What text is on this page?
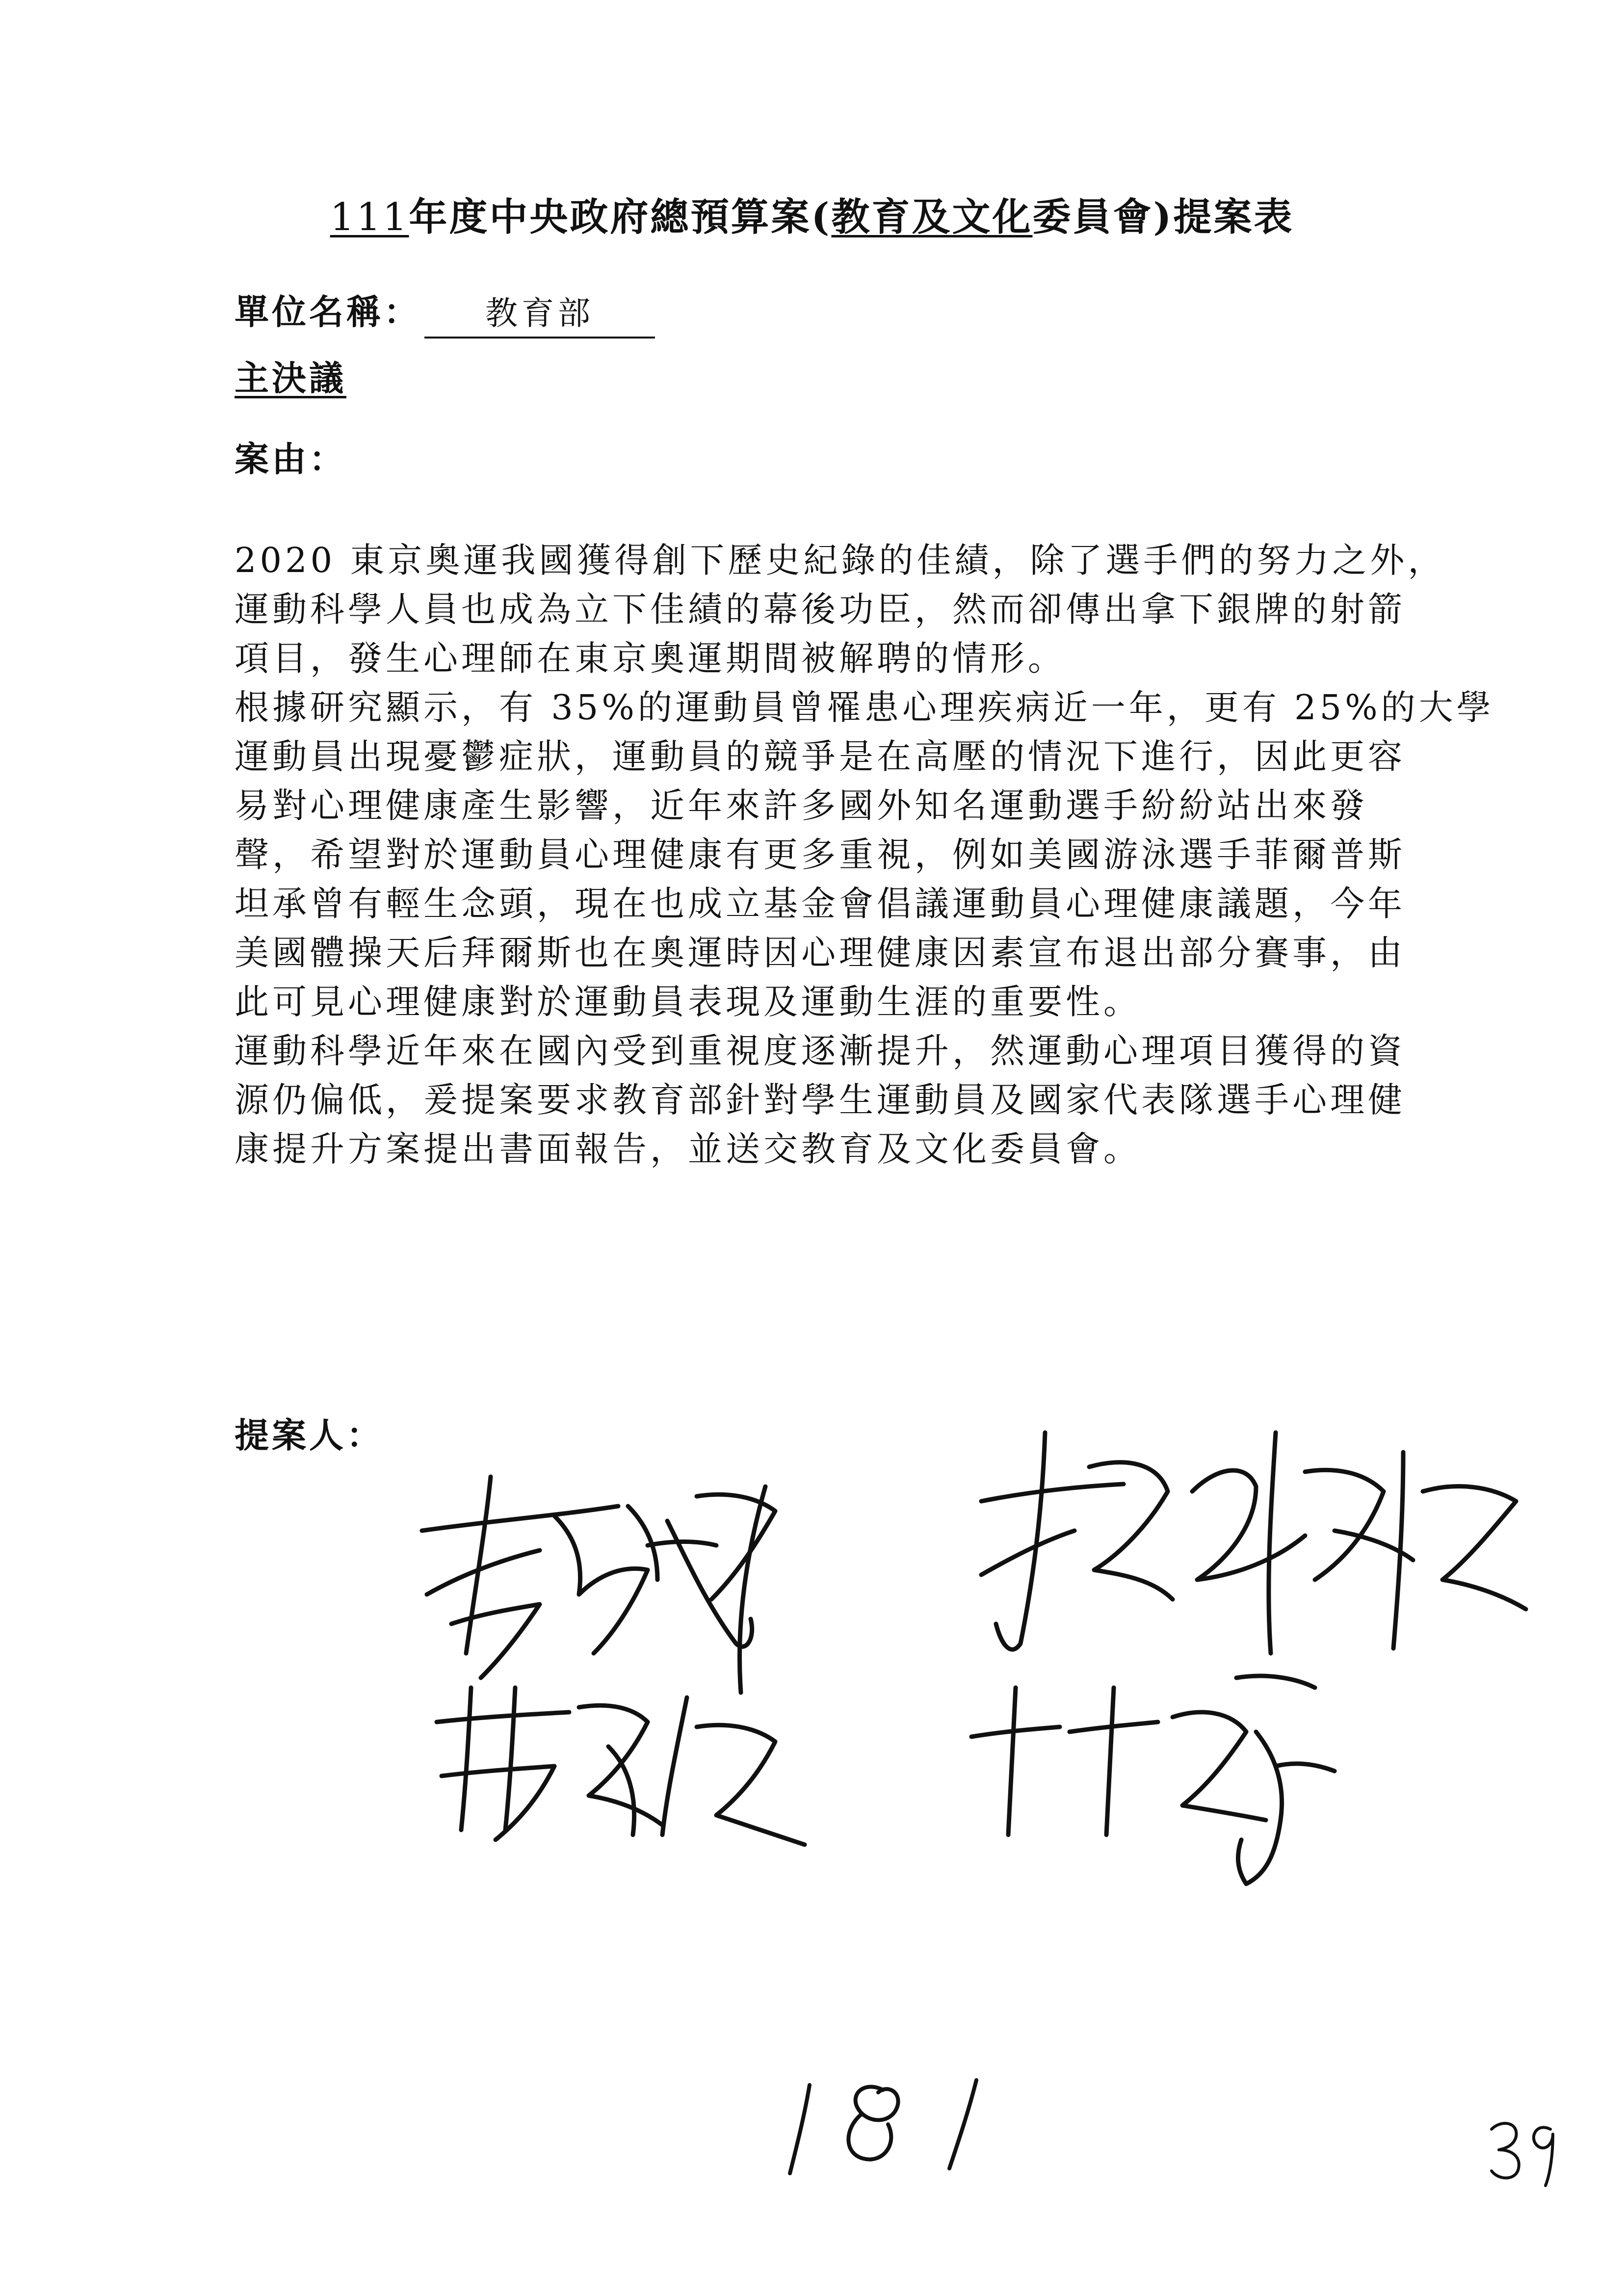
111年度中央政府總預算案(教育及文化委員會)提案表
單位名稱：	教育部
主決議
案由：

2020 東京奧運我國獲得創下歷史紀錄的佳績，除了選手們的努力之外，

運動科學人員也成為立下佳績的幕後功臣，然而卻傳出拿下銀牌的射箭

項目，發生心理師在東京奧運期間被解聘的情形。

根據研究顯示，有 35%的運動員曾罹患心理疾病近一年，更有 25%的大學

運動員出現憂鬱症狀，運動員的競爭是在高壓的情況下進行，因此更容

易對心理健康產生影響，近年來許多國外知名運動選手紛紛站出來發

聲，希望對於運動員心理健康有更多重視，例如美國游泳選手菲爾普斯

坦承曾有輕生念頭，現在也成立基金會倡議運動員心理健康議題，今年

美國體操天后拜爾斯也在奧運時因心理健康因素宣布退出部分賽事，由

此可見心理健康對於運動員表現及運動生涯的重要性。

運動科學近年來在國內受到重視度逐漸提升，然運動心理項目獲得的資

源仍偏低，爰提案要求教育部針對學生運動員及國家代表隊選手心理健

康提升方案提出書面報告，並送交教育及文化委員會。

提案人：
